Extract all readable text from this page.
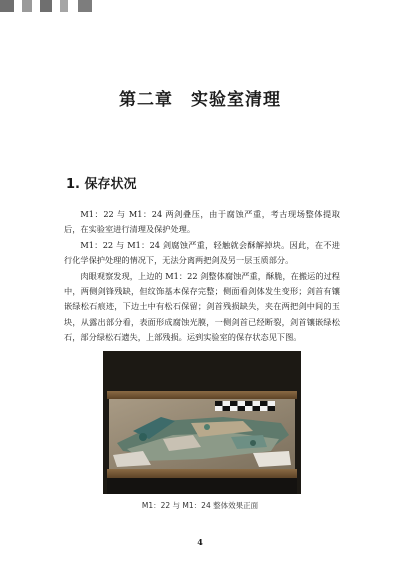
第二章　实验室清理
1. 保存状况

M1：22 与 M1：24 两剑叠压，由于腐蚀严重，考古现场整体提取后，在实验室进行清理及保护处理。

M1：22 与 M1：24 剑腐蚀严重，轻触就会酥解掉块。因此，在不进行化学保护处理的情况下，无法分离两把剑及另一层玉质部分。

肉眼观察发现，上边的 M1：22 剑整体腐蚀严重，酥脆，在搬运的过程中，两侧剑锋残缺，但纹饰基本保存完整；侧面看剑体发生变形；剑首有镶嵌绿松石痕迹，下边土中有松石保留；剑首残损缺失，夹在两把剑中间的玉块，从露出部分看，表面形成腐蚀光膜，一侧剑首已经断裂，剑首镶嵌绿松石，部分绿松石遗失，上部残损。运到实验室的保存状态见下图。

M1：22 与 M1：24 整体效果正面
4
